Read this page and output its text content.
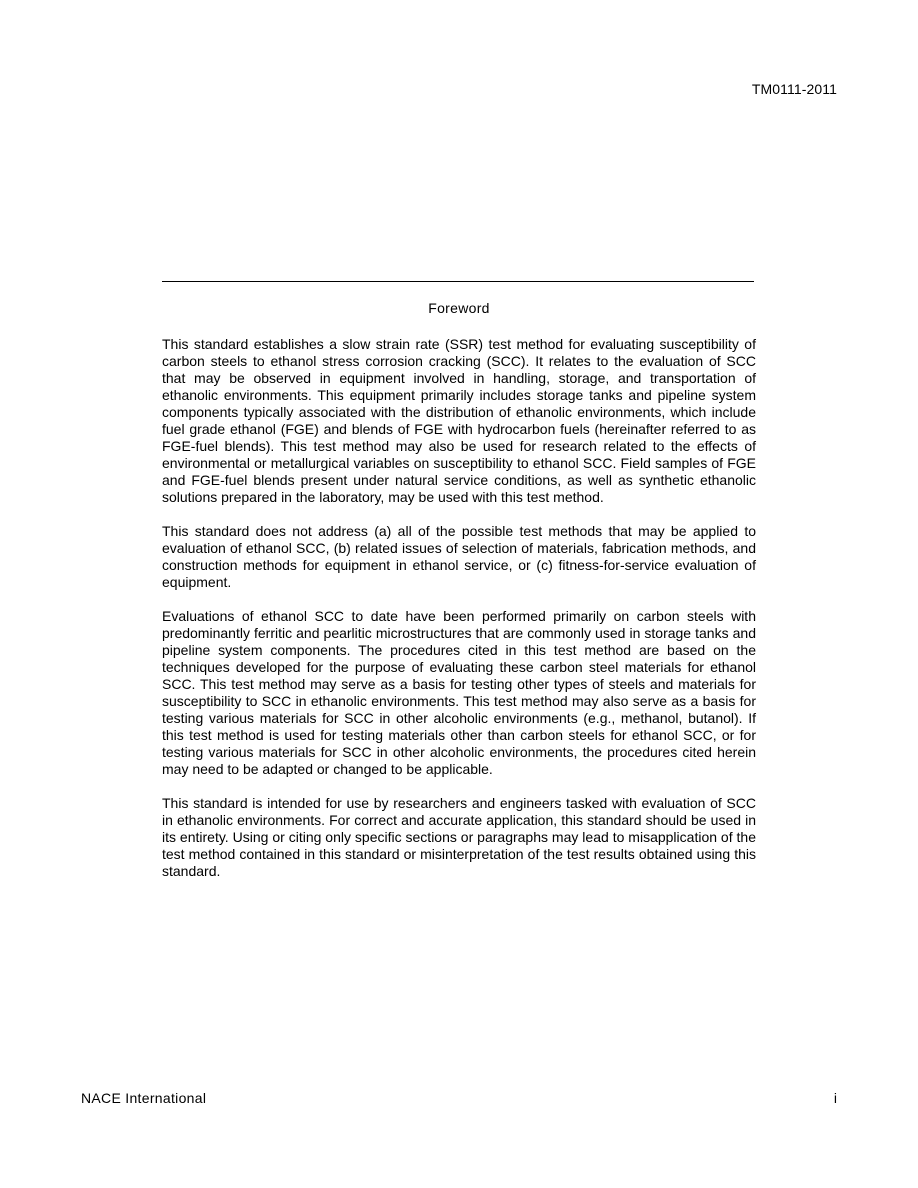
TM0111-2011
Foreword

This standard establishes a slow strain rate (SSR) test method for evaluating susceptibility of carbon steels to ethanol stress corrosion cracking (SCC). It relates to the evaluation of SCC that may be observed in equipment involved in handling, storage, and transportation of ethanolic environments. This equipment primarily includes storage tanks and pipeline system components typically associated with the distribution of ethanolic environments, which include fuel grade ethanol (FGE) and blends of FGE with hydrocarbon fuels (hereinafter referred to as FGE-fuel blends). This test method may also be used for research related to the effects of environmental or metallurgical variables on susceptibility to ethanol SCC. Field samples of FGE and FGE-fuel blends present under natural service conditions, as well as synthetic ethanolic solutions prepared in the laboratory, may be used with this test method.

This standard does not address (a) all of the possible test methods that may be applied to evaluation of ethanol SCC, (b) related issues of selection of materials, fabrication methods, and construction methods for equipment in ethanol service, or (c) fitness-for-service evaluation of equipment.

Evaluations of ethanol SCC to date have been performed primarily on carbon steels with predominantly ferritic and pearlitic microstructures that are commonly used in storage tanks and pipeline system components. The procedures cited in this test method are based on the techniques developed for the purpose of evaluating these carbon steel materials for ethanol SCC. This test method may serve as a basis for testing other types of steels and materials for susceptibility to SCC in ethanolic environments. This test method may also serve as a basis for testing various materials for SCC in other alcoholic environments (e.g., methanol, butanol). If this test method is used for testing materials other than carbon steels for ethanol SCC, or for testing various materials for SCC in other alcoholic environments, the procedures cited herein may need to be adapted or changed to be applicable.

This standard is intended for use by researchers and engineers tasked with evaluation of SCC in ethanolic environments. For correct and accurate application, this standard should be used in its entirety. Using or citing only specific sections or paragraphs may lead to misapplication of the test method contained in this standard or misinterpretation of the test results obtained using this standard.

NACE International	i
